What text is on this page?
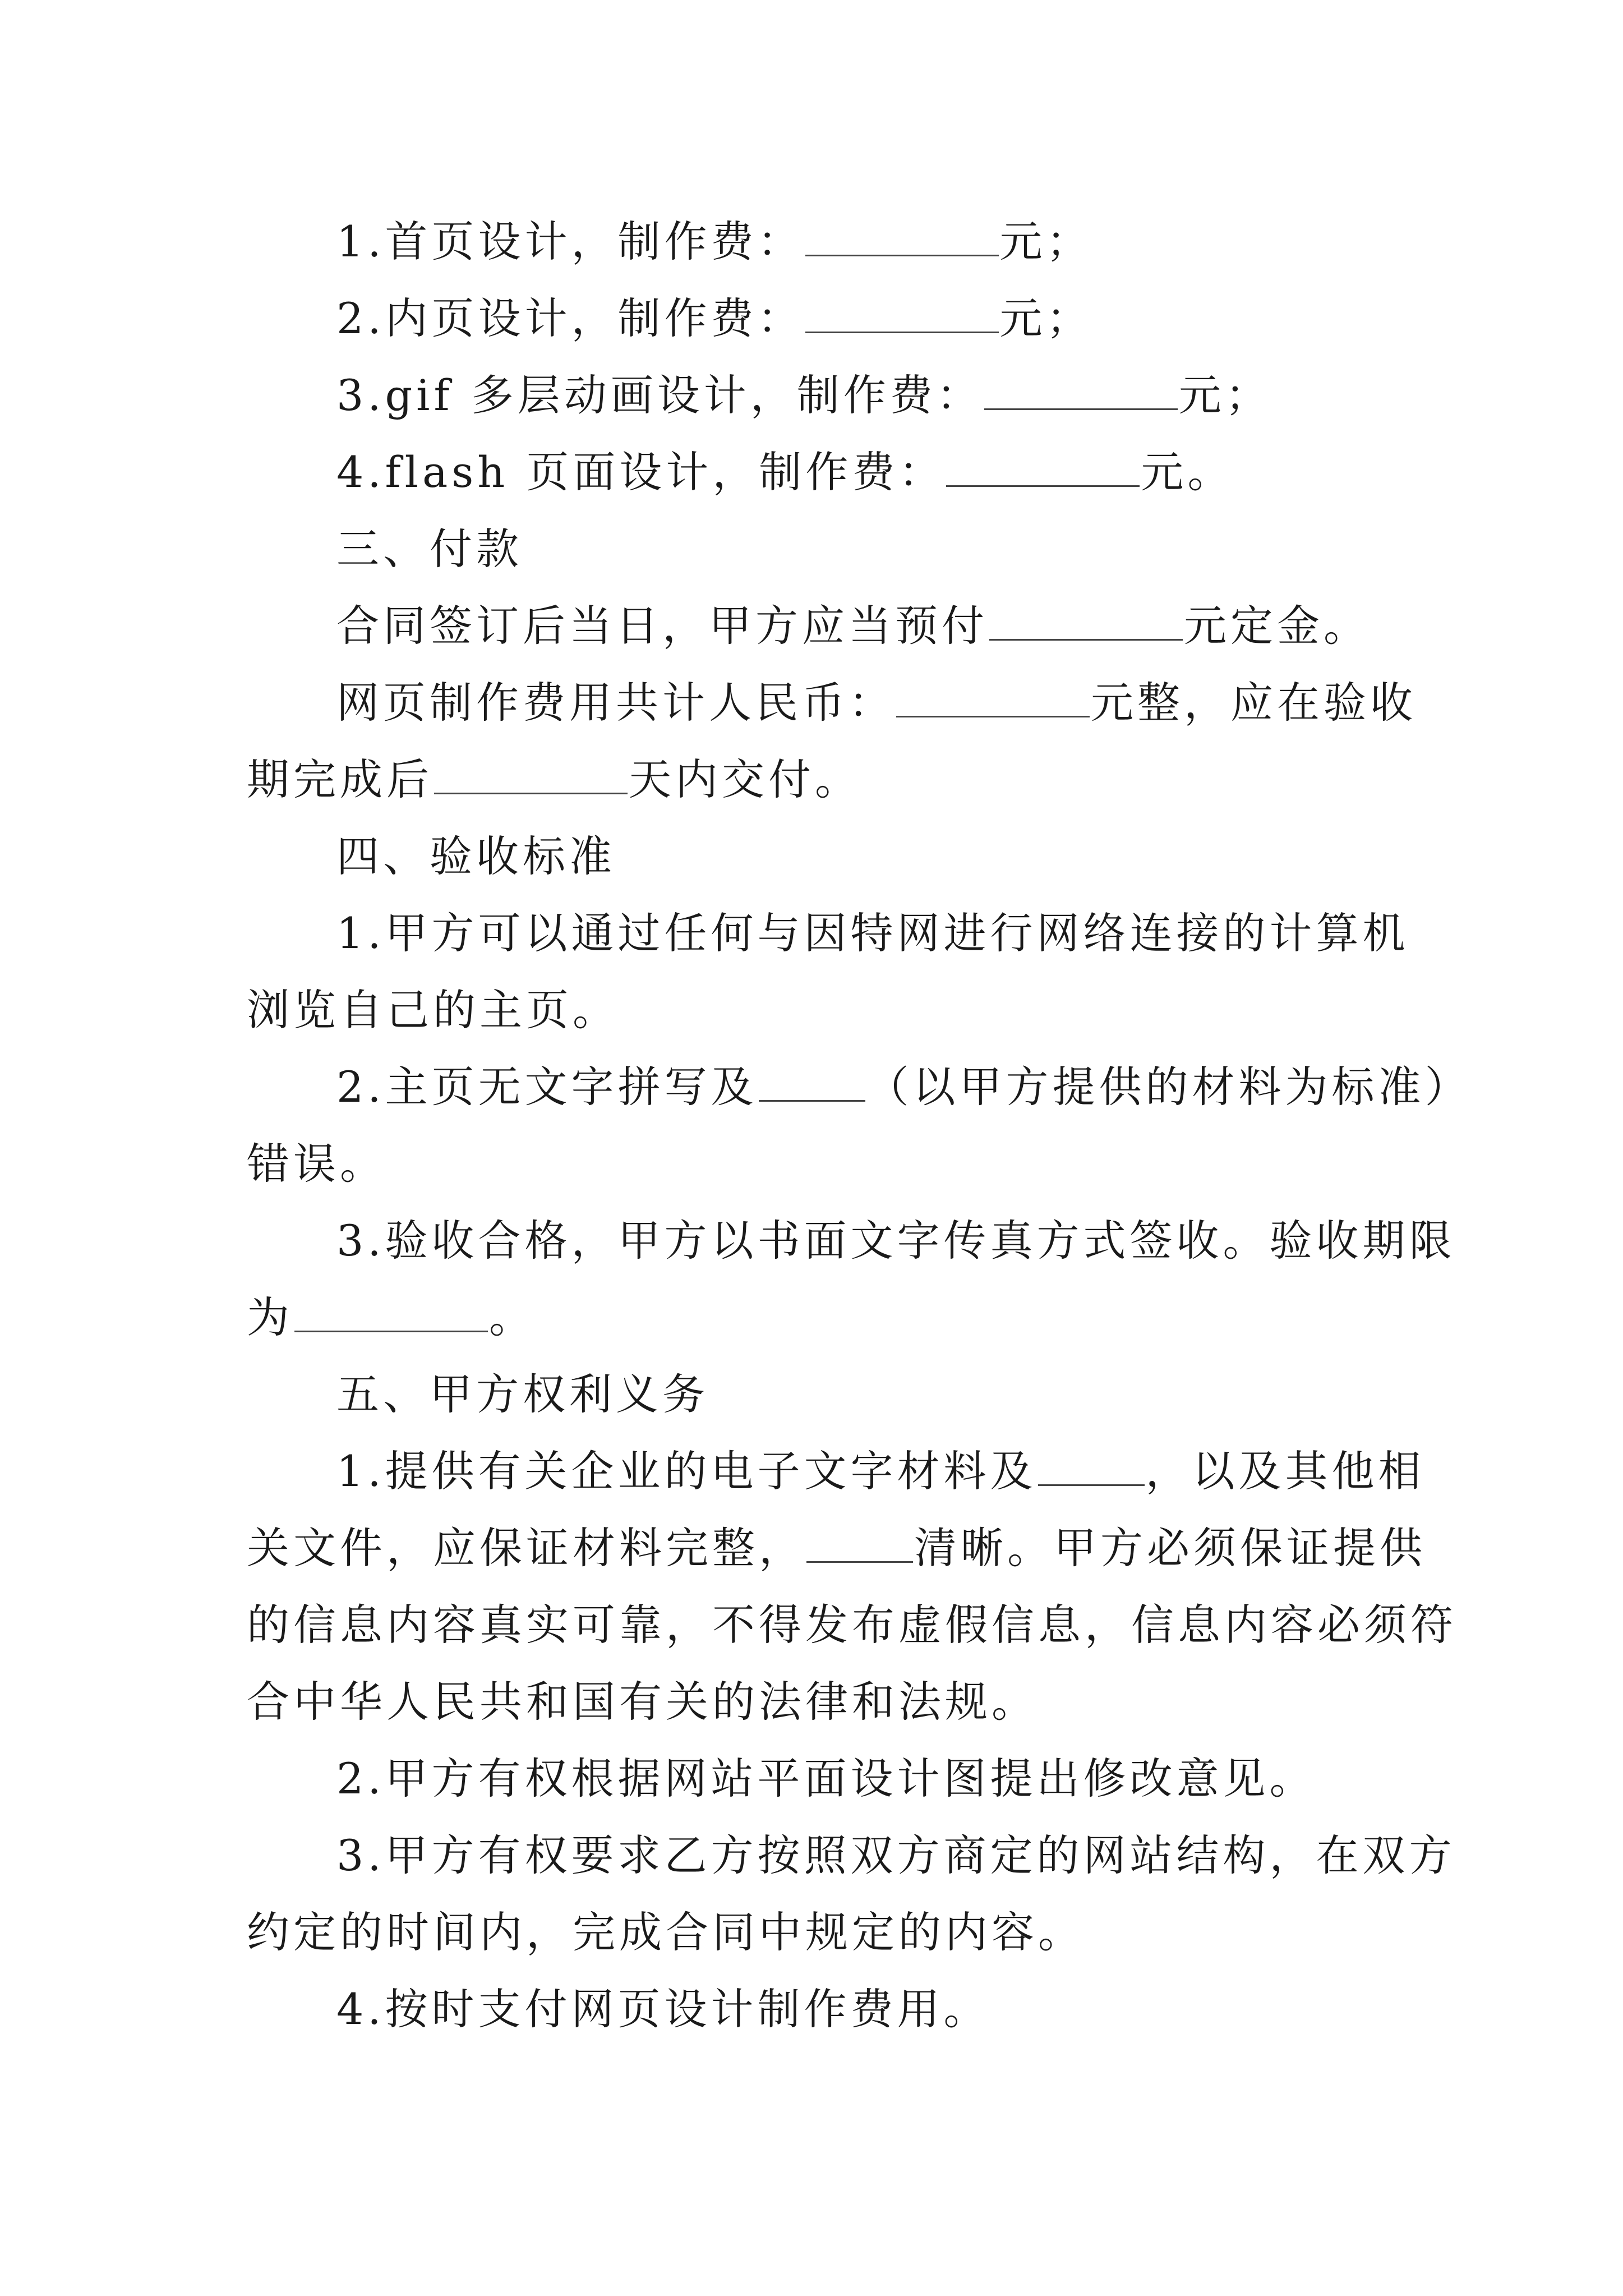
1.首页设计，制作费：	元；

2.内页设计，制作费：	元；

3.gif 多层动画设计，制作费：	元；

4.flash 页面设计，制作费：	元。

三、付款

合同签订后当日，甲方应当预付	元定金。

网页制作费用共计人民币：	元整，应在验收

期完成后	天内交付。

四、验收标准

1.甲方可以通过任何与因特网进行网络连接的计算机

浏览自己的主页。

2.主页无文字拼写及	（以甲方提供的材料为标准）

错误。

3.验收合格，甲方以书面文字传真方式签收。验收期限

为	。

五、甲方权利义务

1.提供有关企业的电子文字材料及	，以及其他相

关文件，应保证材料完整，	清晰。甲方必须保证提供

的信息内容真实可靠，不得发布虚假信息，信息内容必须符

合中华人民共和国有关的法律和法规。

2.甲方有权根据网站平面设计图提出修改意见。

3.甲方有权要求乙方按照双方商定的网站结构，在双方

约定的时间内，完成合同中规定的内容。

4.按时支付网页设计制作费用。
